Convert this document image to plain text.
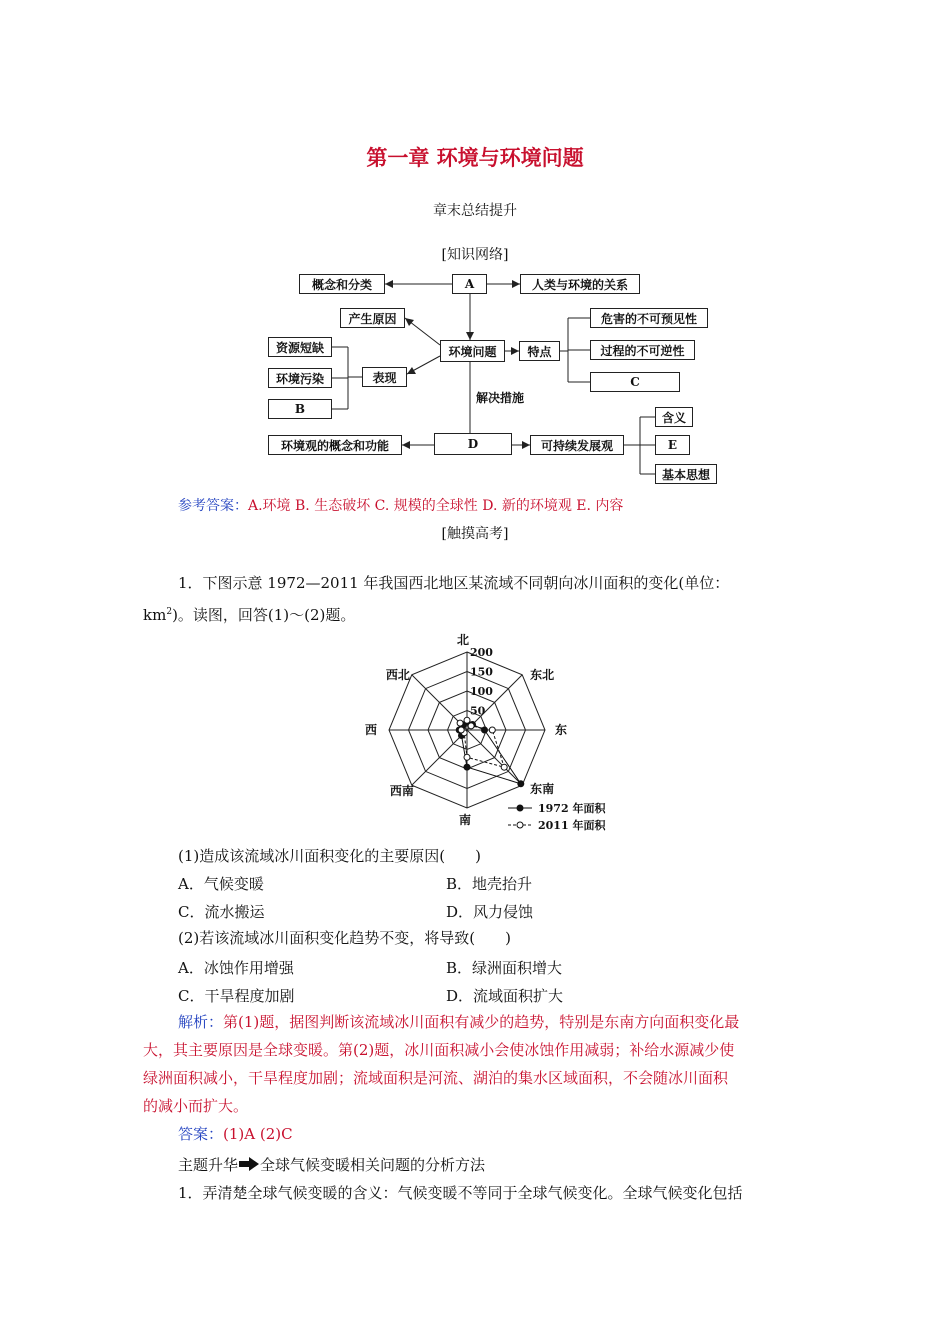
第一章 环境与环境问题
章末总结提升
[知识网络]
概念和分类	A	人类与环境的关系
产生原因	危害的不可预见性
资源短缺	环境问题	特点	过程的不可逆性
表现
环境污染	C
B
解决措施
含义
环境观的概念和功能	D	可持续发展观	E
基本思想
参考答案：A.环境 B. 生态破坏 C. 规模的全球性 D. 新的环境观 E. 内容
[触摸高考]
1．下图示意 1972—2011 年我国西北地区某流域不同朝向冰川面积的变化(单位：
$km^2$)。读图，回答(1)～(2)题。
200
150
100
50
北
东北
东
东南
南
西南
西
西北
1972 年面积
2011 年面积
(1)造成该流域冰川面积变化的主要原因(　　)
A．气候变暖	B．地壳抬升
C．流水搬运	D．风力侵蚀
(2)若该流域冰川面积变化趋势不变，将导致(　　)
A．冰蚀作用增强	B．绿洲面积增大
C．干旱程度加剧	D．流域面积扩大
解析：第(1)题，据图判断该流域冰川面积有减少的趋势，特别是东南方向面积变化最
大，其主要原因是全球变暖。第(2)题，冰川面积减小会使冰蚀作用减弱；补给水源减少使
绿洲面积减小，干旱程度加剧；流域面积是河流、湖泊的集水区域面积，不会随冰川面积
的减小而扩大。
答案：(1)A (2)C
主题升华 全球气候变暖相关问题的分析方法
1．弄清楚全球气候变暖的含义：气候变暖不等同于全球气候变化。全球气候变化包括
